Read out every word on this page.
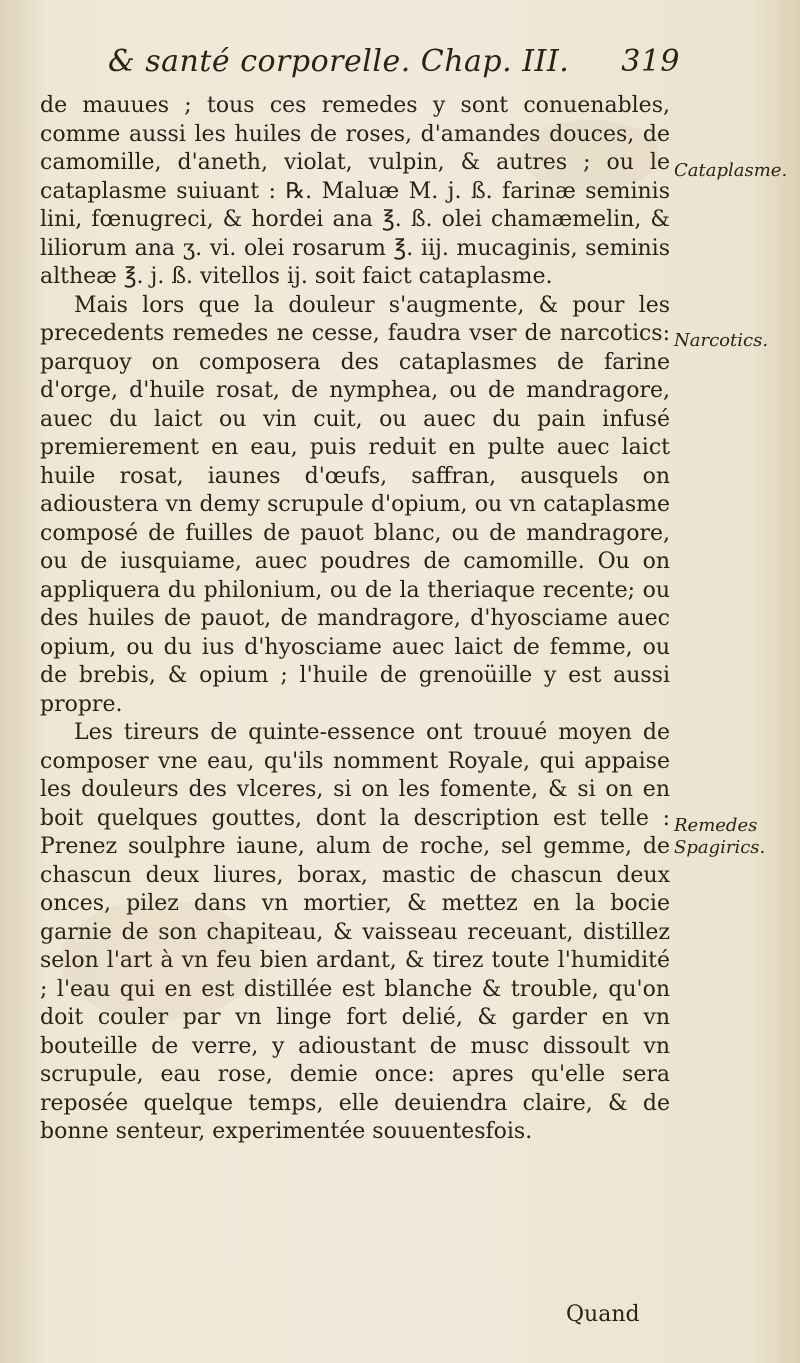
& santé corporelle. Chap. III. 319

de mauues ; tous ces remedes y sont conuenables, comme aussi les huiles de roses, d'amandes douces, de camomille, d'aneth, violat, vulpin, & autres ; ou le cataplasme suiuant : ℞. Maluæ M. j. ß. farinæ seminis lini, fœnugreci, & hordei ana ℥. ß. olei chamæmelin, & liliorum ana ʒ. vi. olei rosarum ℥. iij. mucaginis, seminis altheæ ℥. j. ß. vitellos ij. soit faict cataplasme.

Mais lors que la douleur s'augmente, & pour les precedents remedes ne cesse, faudra vser de narcotics: parquoy on composera des cataplasmes de farine d'orge, d'huile rosat, de nymphea, ou de mandragore, auec du laict ou vin cuit, ou auec du pain infusé premierement en eau, puis reduit en pulte auec laict huile rosat, iaunes d'œufs, saffran, ausquels on adioustera vn demy scrupule d'opium, ou vn cataplasme composé de fuilles de pauot blanc, ou de mandragore, ou de iusquiame, auec poudres de camomille. Ou on appliquera du philonium, ou de la theriaque recente; ou des huiles de pauot, de mandragore, d'hyosciame auec opium, ou du ius d'hyosciame auec laict de femme, ou de brebis, & opium ; l'huile de grenoüille y est aussi propre.

Les tireurs de quinte-essence ont trouué moyen de composer vne eau, qu'ils nomment Royale, qui appaise les douleurs des vlceres, si on les fomente, & si on en boit quelques gouttes, dont la description est telle : Prenez soulphre iaune, alum de roche, sel gemme, de chascun deux liures, borax, mastic de chascun deux onces, pilez dans vn mortier, & mettez en la bocie garnie de son chapiteau, & vaisseau receuant, distillez selon l'art à vn feu bien ardant, & tirez toute l'humidité ; l'eau qui en est distillée est blanche & trouble, qu'on doit couler par vn linge fort delié, & garder en vn bouteille de verre, y adioustant de musc dissoult vn scrupule, eau rose, demie once: apres qu'elle sera reposée quelque temps, elle deuiendra claire, & de bonne senteur, experimentée souuentesfois.

Cataplasme.
Narcotics.
Remedes Spagirics.
Quand
